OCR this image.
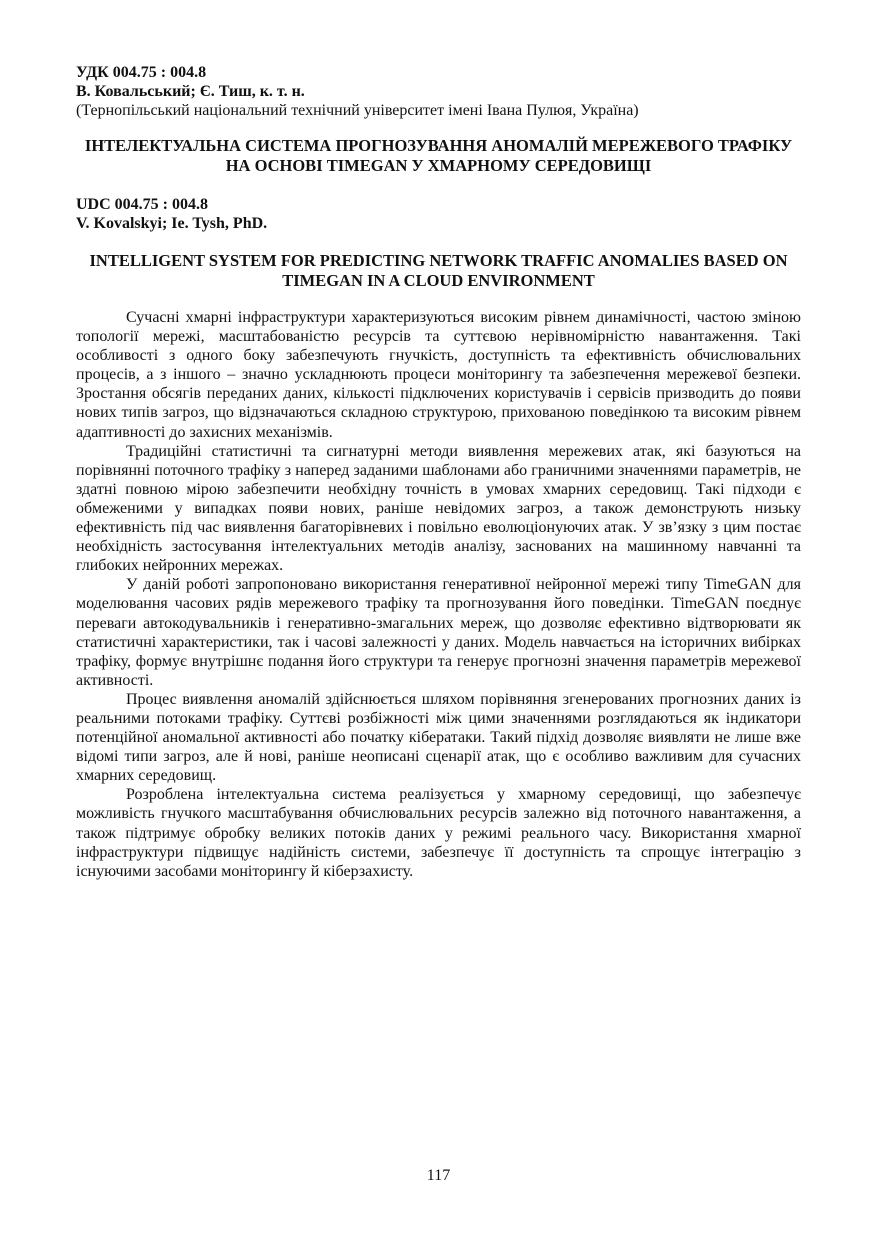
УДК 004.75 : 004.8

В. Ковальський; Є. Тиш, к. т. н.

(Тернопільський національний технічний університет імені Івана Пулюя, Україна)

ІНТЕЛЕКТУАЛЬНА СИСТЕМА ПРОГНОЗУВАННЯ АНОМАЛІЙ МЕРЕЖЕВОГО ТРАФІКУ НА ОСНОВІ TIMEGAN У ХМАРНОМУ СЕРЕДОВИЩІ

UDC 004.75 : 004.8

V. Kovalskyi; Ie. Tysh, PhD.

INTELLIGENT SYSTEM FOR PREDICTING NETWORK TRAFFIC ANOMALIES BASED ON TIMEGAN IN A CLOUD ENVIRONMENT

Сучасні хмарні інфраструктури характеризуються високим рівнем динамічності, частою зміною топології мережі, масштабованістю ресурсів та суттєвою нерівномірністю навантаження. Такі особливості з одного боку забезпечують гнучкість, доступність та ефективність обчислювальних процесів, а з іншого – значно ускладнюють процеси моніторингу та забезпечення мережевої безпеки. Зростання обсягів переданих даних, кількості підключених користувачів і сервісів призводить до появи нових типів загроз, що відзначаються складною структурою, прихованою поведінкою та високим рівнем адаптивності до захисних механізмів.

Традиційні статистичні та сигнатурні методи виявлення мережевих атак, які базуються на порівнянні поточного трафіку з наперед заданими шаблонами або граничними значеннями параметрів, не здатні повною мірою забезпечити необхідну точність в умовах хмарних середовищ. Такі підходи є обмеженими у випадках появи нових, раніше невідомих загроз, а також демонструють низьку ефективність під час виявлення багаторівневих і повільно еволюціонуючих атак. У зв’язку з цим постає необхідність застосування інтелектуальних методів аналізу, заснованих на машинному навчанні та глибоких нейронних мережах.

У даній роботі запропоновано використання генеративної нейронної мережі типу TimeGAN для моделювання часових рядів мережевого трафіку та прогнозування його поведінки. TimeGAN поєднує переваги автокодувальників і генеративно-змагальних мереж, що дозволяє ефективно відтворювати як статистичні характеристики, так і часові залежності у даних. Модель навчається на історичних вибірках трафіку, формує внутрішнє подання його структури та генерує прогнозні значення параметрів мережевої активності.

Процес виявлення аномалій здійснюється шляхом порівняння згенерованих прогнозних даних із реальними потоками трафіку. Суттєві розбіжності між цими значеннями розглядаються як індикатори потенційної аномальної активності або початку кібератаки. Такий підхід дозволяє виявляти не лише вже відомі типи загроз, але й нові, раніше неописані сценарії атак, що є особливо важливим для сучасних хмарних середовищ.

Розроблена інтелектуальна система реалізується у хмарному середовищі, що забезпечує можливість гнучкого масштабування обчислювальних ресурсів залежно від поточного навантаження, а також підтримує обробку великих потоків даних у режимі реального часу. Використання хмарної інфраструктури підвищує надійність системи, забезпечує її доступність та спрощує інтеграцію з існуючими засобами моніторингу й кіберзахисту.

117
